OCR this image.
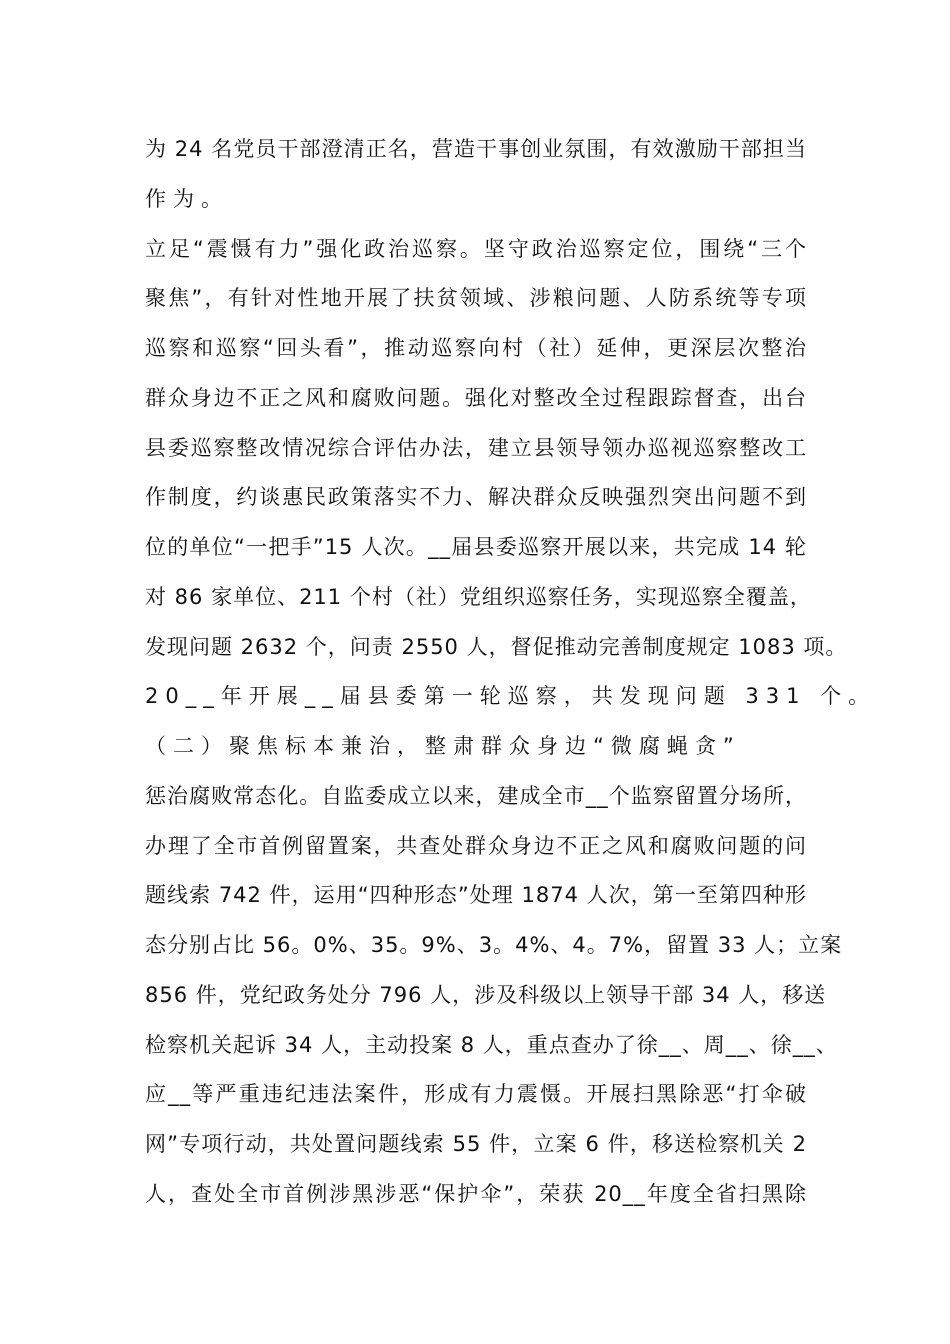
为 24 名党员干部澄清正名，营造干事创业氛围，有效激励干部担当
作为。
立足“震慑有力”强化政治巡察。坚守政治巡察定位，围绕“三个
聚焦”，有针对性地开展了扶贫领域、涉粮问题、人防系统等专项
巡察和巡察“回头看”，推动巡察向村（社）延伸，更深层次整治
群众身边不正之风和腐败问题。强化对整改全过程跟踪督查，出台
县委巡察整改情况综合评估办法，建立县领导领办巡视巡察整改工
作制度，约谈惠民政策落实不力、解决群众反映强烈突出问题不到
位的单位“一把手”15 人次。__届县委巡察开展以来，共完成 14 轮
对 86 家单位、211 个村（社）党组织巡察任务，实现巡察全覆盖，
发现问题 2632 个，问责 2550 人，督促推动完善制度规定 1083 项。
20__年开展__届县委第一轮巡察，共发现问题 331 个。
（二）聚焦标本兼治，整肃群众身边“微腐蝇贪”
惩治腐败常态化。自监委成立以来，建成全市__个监察留置分场所，
办理了全市首例留置案，共查处群众身边不正之风和腐败问题的问
题线索 742 件，运用“四种形态”处理 1874 人次，第一至第四种形
态分别占比 56。0%、35。9%、3。4%、4。7%，留置 33 人；立案
856 件，党纪政务处分 796 人，涉及科级以上领导干部 34 人，移送
检察机关起诉 34 人，主动投案 8 人，重点查办了徐__、周__、徐__、
应__等严重违纪违法案件，形成有力震慑。开展扫黑除恶“打伞破
网”专项行动，共处置问题线索 55 件，立案 6 件，移送检察机关 2
人，查处全市首例涉黑涉恶“保护伞”，荣获 20__年度全省扫黑除
